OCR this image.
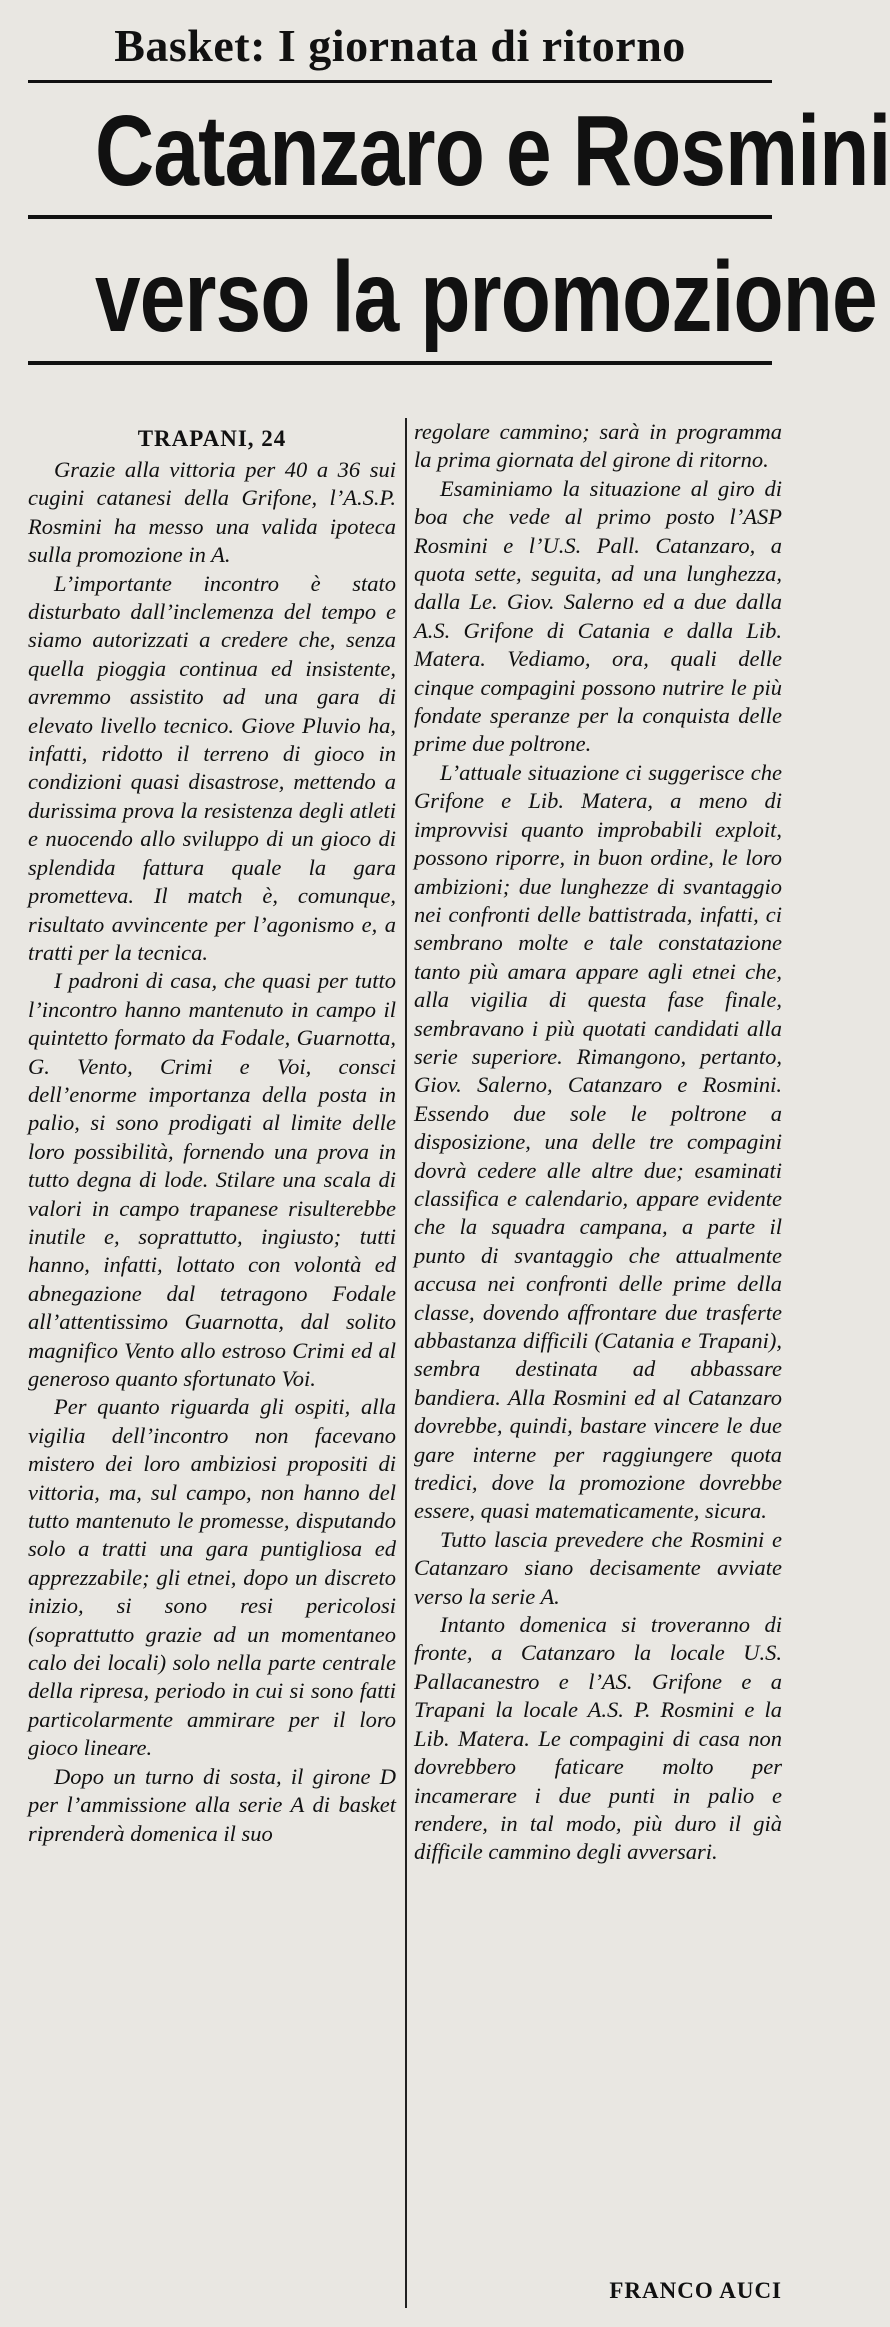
Basket: I giornata di ritorno
Catanzaro e Rosmini
verso la promozione
TRAPANI, 24

Grazie alla vittoria per 40 a 36 sui cugini catanesi della Grifone, l’A.S.P. Rosmini ha messo una valida ipoteca sulla promozione in A.

L’importante incontro è stato disturbato dall’inclemenza del tempo e siamo autorizzati a credere che, senza quella pioggia continua ed insistente, avremmo assistito ad una gara di elevato livello tecnico. Giove Pluvio ha, infatti, ridotto il terreno di gioco in condizioni quasi disastrose, mettendo a durissima prova la resistenza degli atleti e nuocendo allo sviluppo di un gioco di splendida fattura quale la gara prometteva. Il match è, comunque, risultato avvincente per l’agonismo e, a tratti per la tecnica.

I padroni di casa, che quasi per tutto l’incontro hanno mantenuto in campo il quintetto formato da Fodale, Guarnotta, G. Vento, Crimi e Voi, consci dell’enorme importanza della posta in palio, si sono prodigati al limite delle loro possibilità, fornendo una prova in tutto degna di lode. Stilare una scala di valori in campo trapanese risulterebbe inutile e, soprattutto, ingiusto; tutti hanno, infatti, lottato con volontà ed abnegazione dal tetragono Fodale all’attentissimo Guarnotta, dal solito magnifico Vento allo estroso Crimi ed al generoso quanto sfortunato Voi.

Per quanto riguarda gli ospiti, alla vigilia dell’incontro non facevano mistero dei loro ambiziosi propositi di vittoria, ma, sul campo, non hanno del tutto mantenuto le promesse, disputando solo a tratti una gara puntigliosa ed apprezzabile; gli etnei, dopo un discreto inizio, si sono resi pericolosi (soprattutto grazie ad un momentaneo calo dei locali) solo nella parte centrale della ripresa, periodo in cui si sono fatti particolarmente ammirare per il loro gioco lineare.

Dopo un turno di sosta, il girone D per l’ammissione alla serie A di basket riprenderà domenica il suo

regolare cammino; sarà in programma la prima giornata del girone di ritorno.

Esaminiamo la situazione al giro di boa che vede al primo posto l’ASP Rosmini e l’U.S. Pall. Catanzaro, a quota sette, seguita, ad una lunghezza, dalla Le. Giov. Salerno ed a due dalla A.S. Grifone di Catania e dalla Lib. Matera. Vediamo, ora, quali delle cinque compagini possono nutrire le più fondate speranze per la conquista delle prime due poltrone.

L’attuale situazione ci suggerisce che Grifone e Lib. Matera, a meno di improvvisi quanto improbabili exploit, possono riporre, in buon ordine, le loro ambizioni; due lunghezze di svantaggio nei confronti delle battistrada, infatti, ci sembrano molte e tale constatazione tanto più amara appare agli etnei che, alla vigilia di questa fase finale, sembravano i più quotati candidati alla serie superiore. Rimangono, pertanto, Giov. Salerno, Catanzaro e Rosmini. Essendo due sole le poltrone a disposizione, una delle tre compagini dovrà cedere alle altre due; esaminati classifica e calendario, appare evidente che la squadra campana, a parte il punto di svantaggio che attualmente accusa nei confronti delle prime della classe, dovendo affrontare due trasferte abbastanza difficili (Catania e Trapani), sembra destinata ad abbassare bandiera. Alla Rosmini ed al Catanzaro dovrebbe, quindi, bastare vincere le due gare interne per raggiungere quota tredici, dove la promozione dovrebbe essere, quasi matematicamente, sicura.

Tutto lascia prevedere che Rosmini e Catanzaro siano decisamente avviate verso la serie A.

Intanto domenica si troveranno di fronte, a Catanzaro la locale U.S. Pallacanestro e l’AS. Grifone e a Trapani la locale A.S. P. Rosmini e la Lib. Matera. Le compagini di casa non dovrebbero faticare molto per incamerare i due punti in palio e rendere, in tal modo, più duro il già difficile cammino degli avversari.

FRANCO AUCI
